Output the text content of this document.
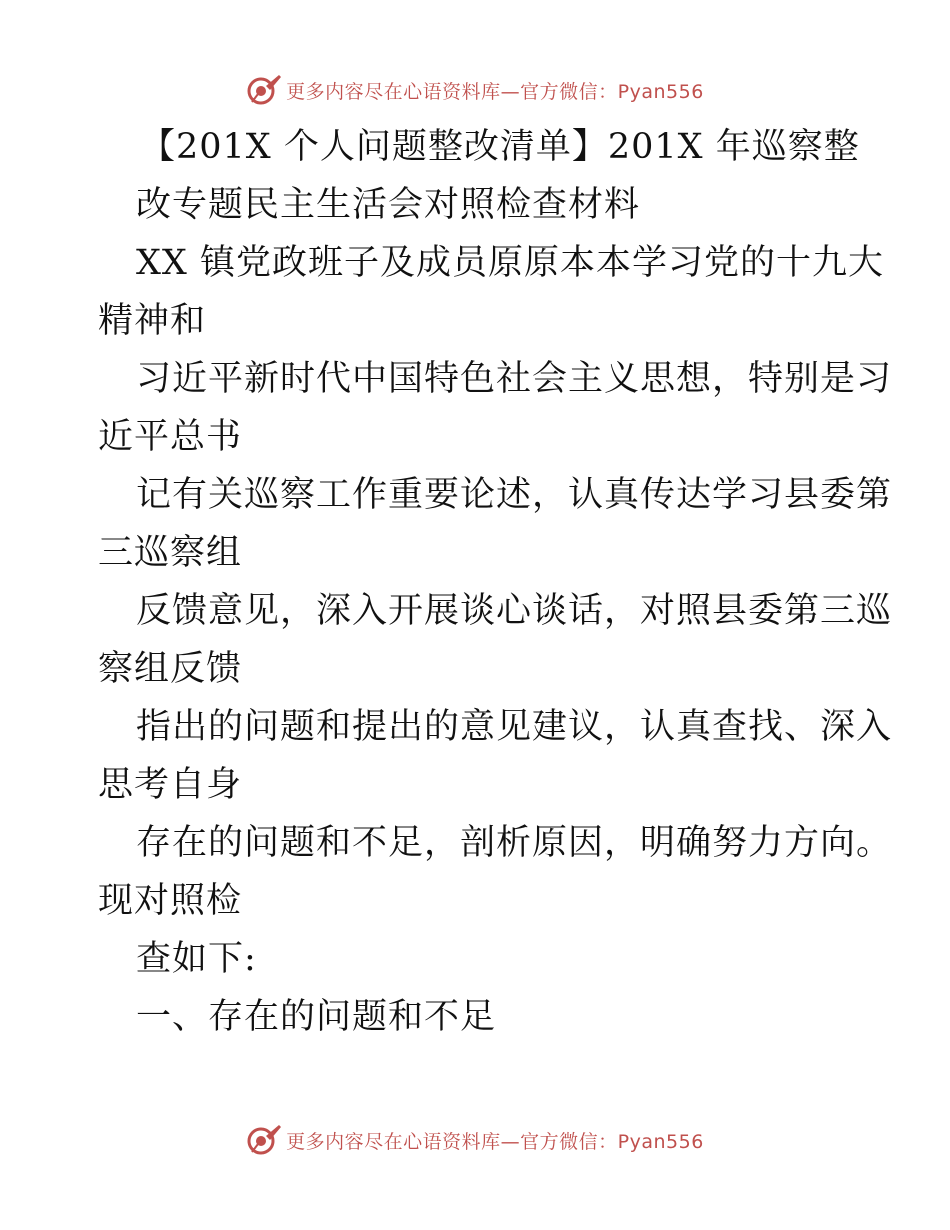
更多内容尽在心语资料库—官方微信：Pyan556
【201X 个人问题整改清单】201X 年巡察整
改专题民主生活会对照检查材料
XX 镇党政班子及成员原原本本学习党的十九大
精神和
习近平新时代中国特色社会主义思想，特别是习
近平总书
记有关巡察工作重要论述，认真传达学习县委第
三巡察组
反馈意见，深入开展谈心谈话，对照县委第三巡
察组反馈
指出的问题和提出的意见建议，认真查找、深入
思考自身
存在的问题和不足，剖析原因，明确努力方向。
现对照检
查如下:
一、存在的问题和不足
更多内容尽在心语资料库—官方微信：Pyan556
